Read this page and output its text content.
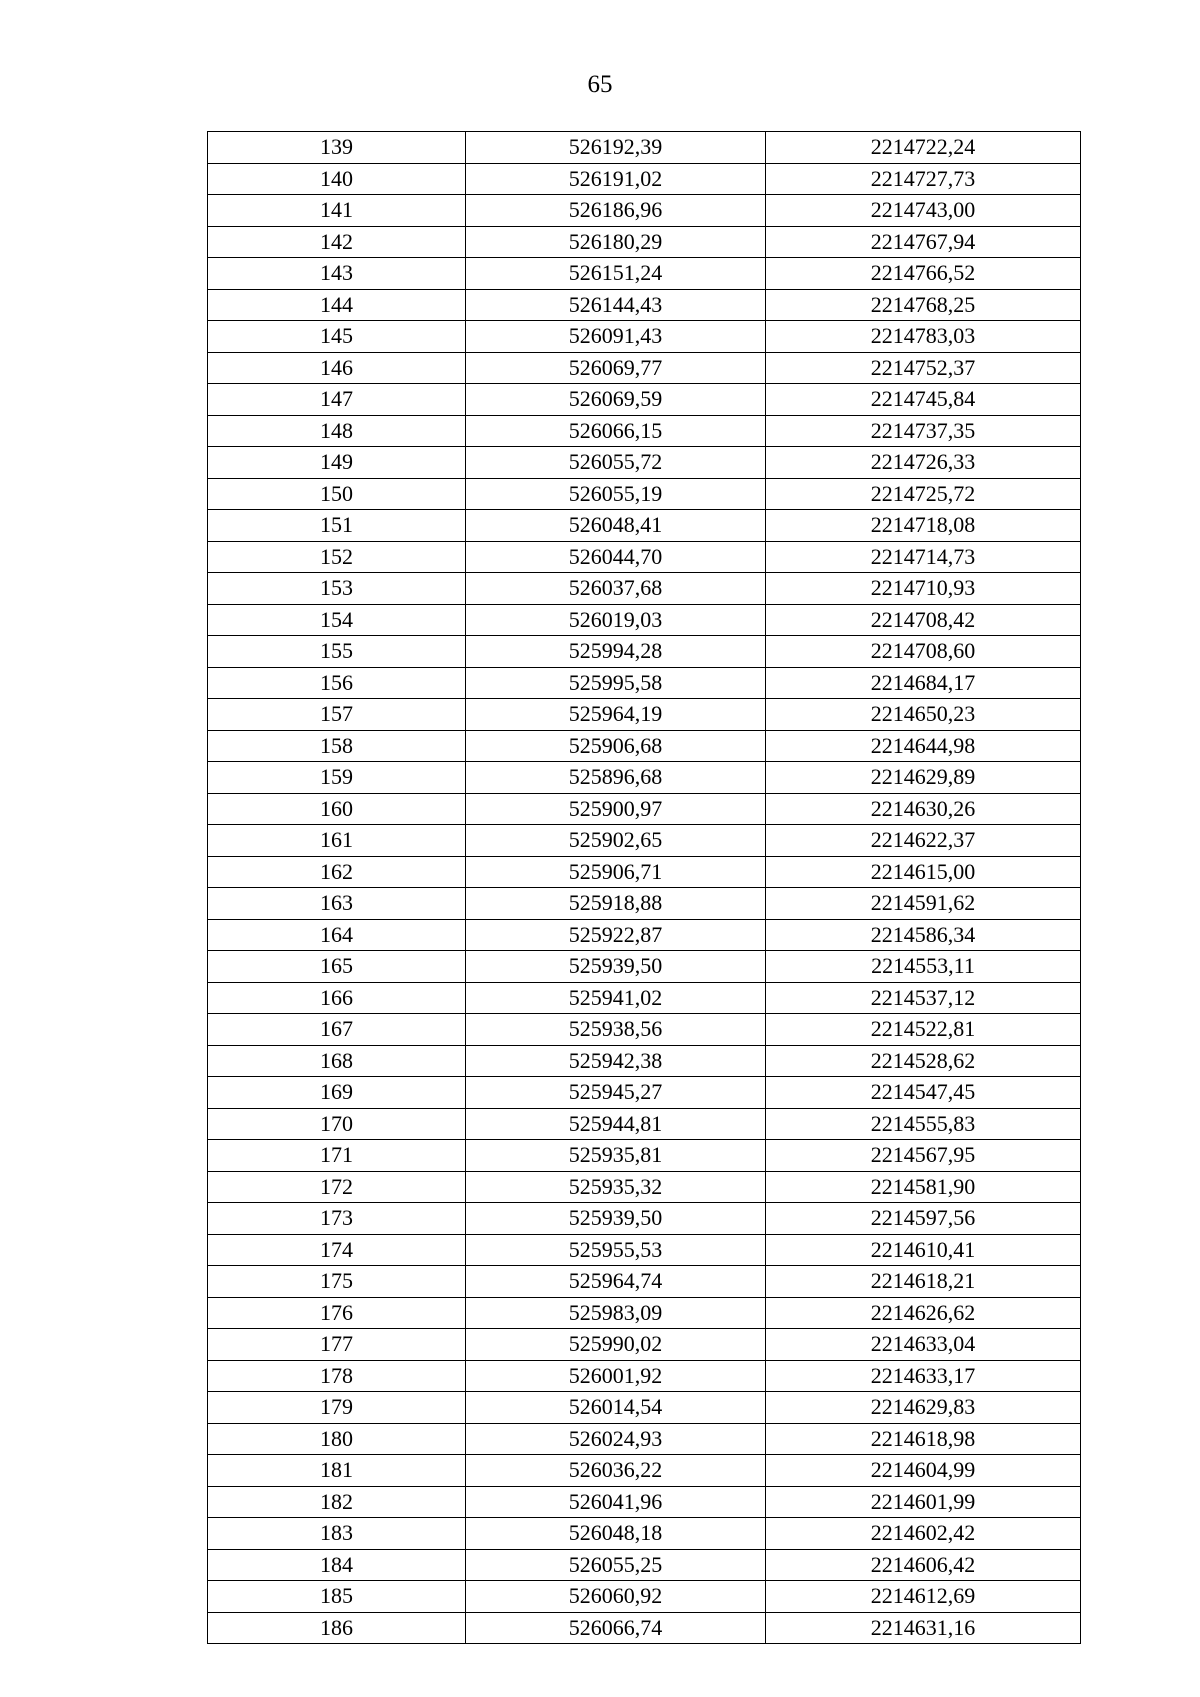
65
139	526192,39	2214722,24
140	526191,02	2214727,73
141	526186,96	2214743,00
142	526180,29	2214767,94
143	526151,24	2214766,52
144	526144,43	2214768,25
145	526091,43	2214783,03
146	526069,77	2214752,37
147	526069,59	2214745,84
148	526066,15	2214737,35
149	526055,72	2214726,33
150	526055,19	2214725,72
151	526048,41	2214718,08
152	526044,70	2214714,73
153	526037,68	2214710,93
154	526019,03	2214708,42
155	525994,28	2214708,60
156	525995,58	2214684,17
157	525964,19	2214650,23
158	525906,68	2214644,98
159	525896,68	2214629,89
160	525900,97	2214630,26
161	525902,65	2214622,37
162	525906,71	2214615,00
163	525918,88	2214591,62
164	525922,87	2214586,34
165	525939,50	2214553,11
166	525941,02	2214537,12
167	525938,56	2214522,81
168	525942,38	2214528,62
169	525945,27	2214547,45
170	525944,81	2214555,83
171	525935,81	2214567,95
172	525935,32	2214581,90
173	525939,50	2214597,56
174	525955,53	2214610,41
175	525964,74	2214618,21
176	525983,09	2214626,62
177	525990,02	2214633,04
178	526001,92	2214633,17
179	526014,54	2214629,83
180	526024,93	2214618,98
181	526036,22	2214604,99
182	526041,96	2214601,99
183	526048,18	2214602,42
184	526055,25	2214606,42
185	526060,92	2214612,69
186	526066,74	2214631,16
